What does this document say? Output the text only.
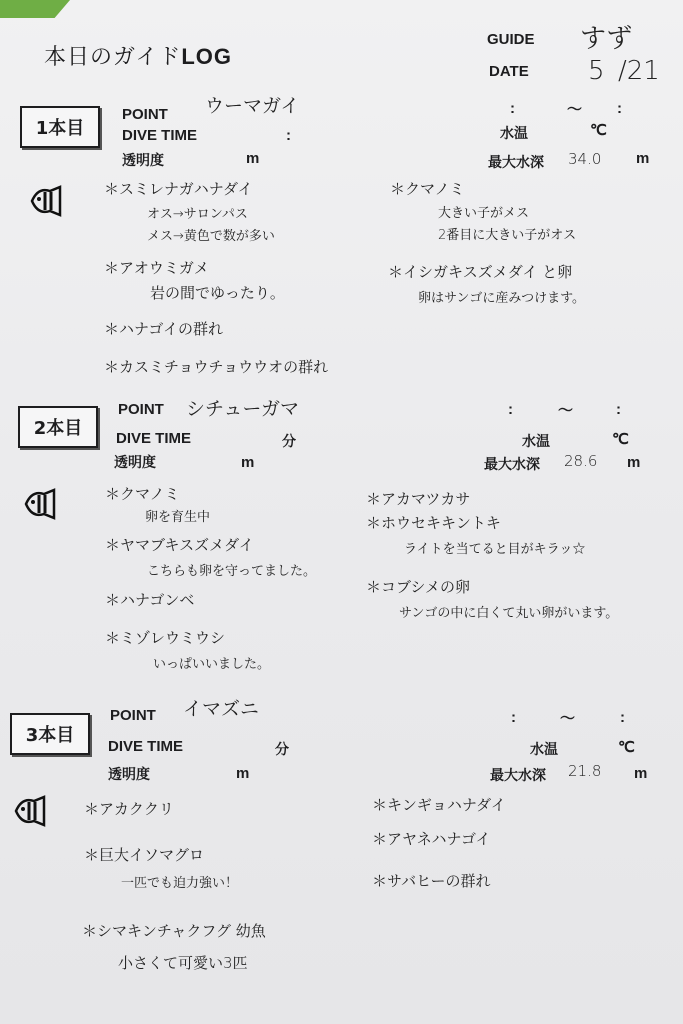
本日のガイドLOG
GUIDE すず
DATE 5 /21
1本目
POINT ウーマガイ
DIVE TIME	:
:	〜 :
水温	℃
透明度	m	最大水深 34.0 m
＊スミレナガハナダイ
オス→サロンパス
メス→黄色で数が多い
＊アオウミガメ
岩の間でゆったり。
＊ハナゴイの群れ
＊カスミチョウチョウウオの群れ
＊クマノミ
大きい子がメス
2番目に大きい子がオス
＊イシガキスズメダイ と卵
卵はサンゴに産みつけます。
2本目
POINT シチューガマ	:	〜	:
DIVE TIME	分	水温	℃
透明度	m	最大水深 28.6 m
＊クマノミ
卵を育生中
＊ヤマブキスズメダイ
こちらも卵を守ってました。
＊ハナゴンベ
＊ミゾレウミウシ
いっぱいいました。
＊アカマツカサ
＊ホウセキキントキ
ライトを当てると目がキラッ☆
＊コブシメの卵
サンゴの中に白くて丸い卵がいます。
3本目
POINT イマズニ	:	〜	:
DIVE TIME	分	水温	℃
透明度	m	最大水深 21.8 m
＊アカククリ
＊巨大イソマグロ
一匹でも迫力強い！
＊シマキンチャクフグ 幼魚
小さくて可愛い3匹
＊キンギョハナダイ
＊アヤネハナゴイ
＊サバヒーの群れ
